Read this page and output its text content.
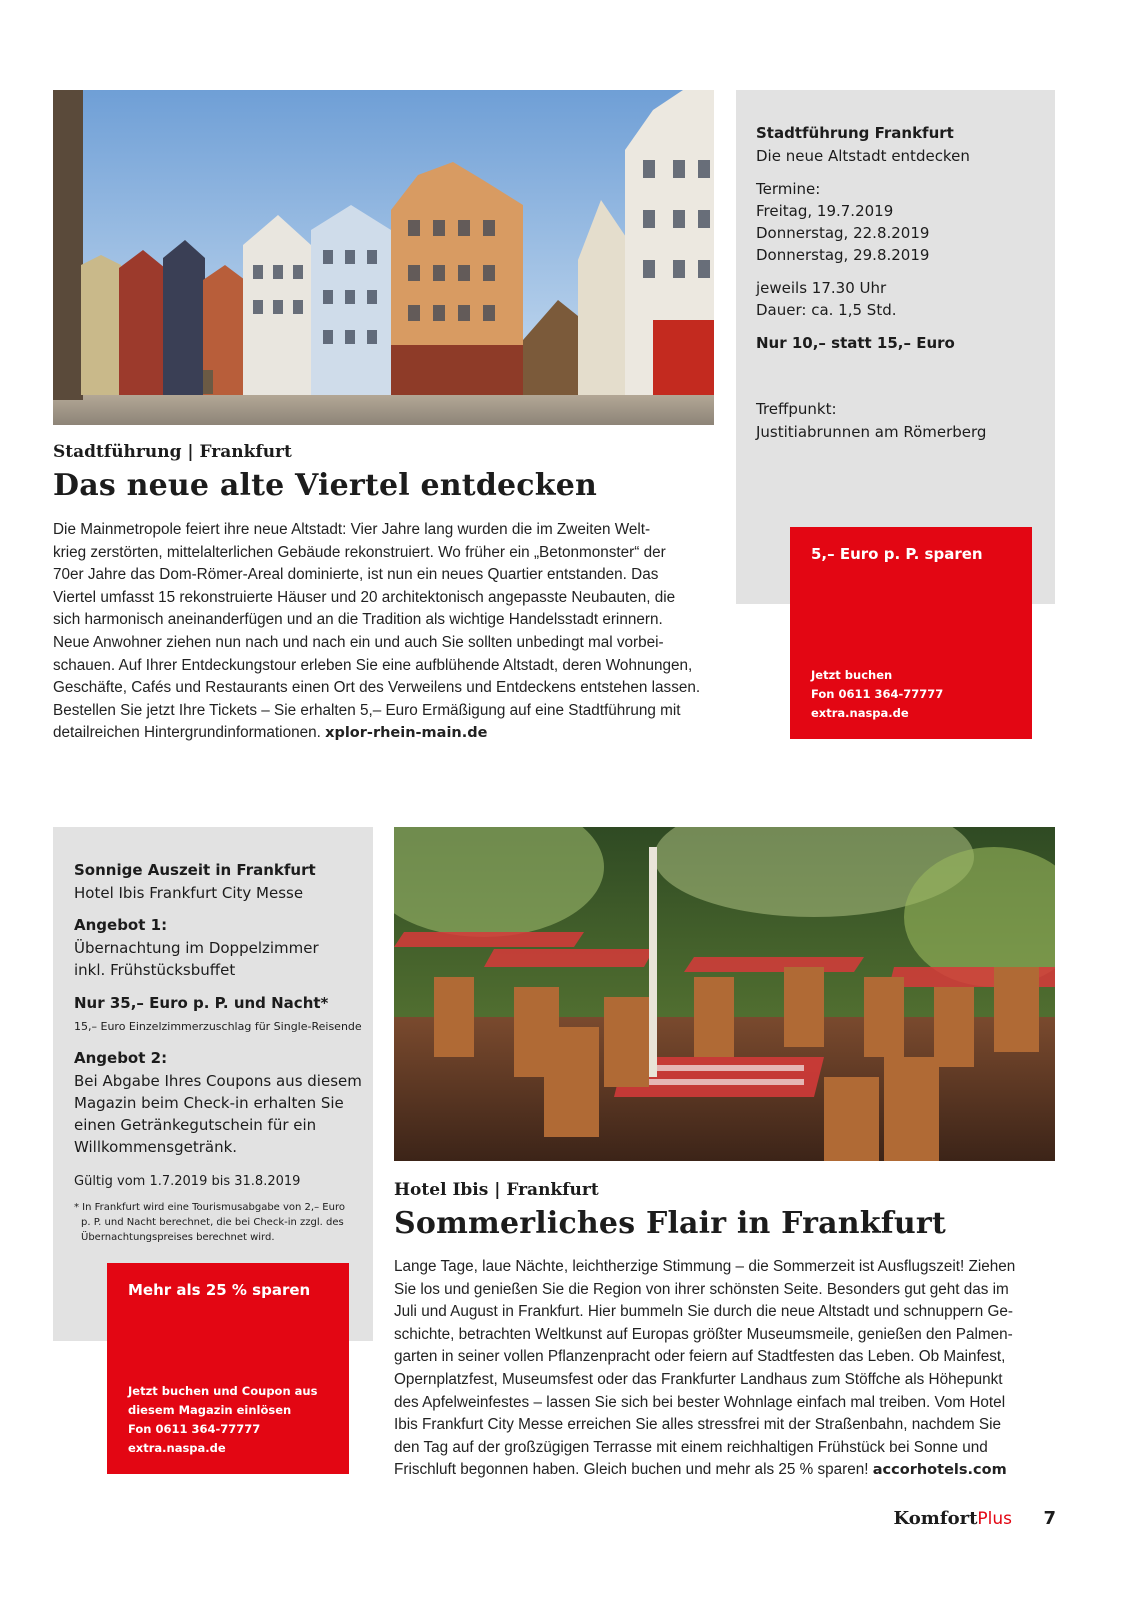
Stadtführung | Frankfurt
Das neue alte Viertel entdecken
Die Mainmetropole feiert ihre neue Altstadt: Vier Jahre lang wurden die im Zweiten Welt-
krieg zerstörten, mittelalterlichen Gebäude rekonstruiert. Wo früher ein „Betonmonster“ der
70er Jahre das Dom-Römer-Areal dominierte, ist nun ein neues Quartier entstanden. Das
Viertel umfasst 15 rekonstruierte Häuser und 20 architektonisch angepasste Neubauten, die
sich harmonisch aneinanderfügen und an die Tradition als wichtige Handelsstadt erinnern.
Neue Anwohner ziehen nun nach und nach ein und auch Sie sollten unbedingt mal vorbei-
schauen. Auf Ihrer Entdeckungstour erleben Sie eine aufblühende Altstadt, deren Wohnungen,
Geschäfte, Cafés und Restaurants einen Ort des Verweilens und Entdeckens entstehen lassen.
Bestellen Sie jetzt Ihre Tickets – Sie erhalten 5,– Euro Ermäßigung auf eine Stadtführung mit
detailreichen Hintergrundinformationen. xplor-rhein-main.de

Stadtführung Frankfurt

Die neue Altstadt entdecken

Termine:

Freitag, 19.7.2019

Donnerstag, 22.8.2019

Donnerstag, 29.8.2019

jeweils 17.30 Uhr

Dauer: ca. 1,5 Std.

Nur 10,– statt 15,– Euro

Treffpunkt:

Justitiabrunnen am Römerberg

5,– Euro p. P. sparen
Jetzt buchen
Fon 0611 364-77777
extra.naspa.de

Sonnige Auszeit in Frankfurt

Hotel Ibis Frankfurt City Messe

Angebot 1:

Übernachtung im Doppelzimmer

inkl. Frühstücksbuffet

Nur 35,– Euro p. P. und Nacht*

15,– Euro Einzelzimmerzuschlag für Single-Reisende

Angebot 2:

Bei Abgabe Ihres Coupons aus diesem

Magazin beim Check-in erhalten Sie

einen Getränkegutschein für ein

Willkommensgetränk.

Gültig vom 1.7.2019 bis 31.8.2019

* In Frankfurt wird eine Tourismusabgabe von 2,– Euro

p. P. und Nacht berechnet, die bei Check-in zzgl. des

Übernachtungspreises berechnet wird.

Mehr als 25 % sparen
Jetzt buchen und Coupon aus
diesem Magazin einlösen
Fon 0611 364-77777
extra.naspa.de
Hotel Ibis | Frankfurt
Sommerliches Flair in Frankfurt
Lange Tage, laue Nächte, leichtherzige Stimmung – die Sommerzeit ist Ausflugszeit! Ziehen
Sie los und genießen Sie die Region von ihrer schönsten Seite. Besonders gut geht das im
Juli und August in Frankfurt. Hier bummeln Sie durch die neue Altstadt und schnuppern Ge-
schichte, betrachten Weltkunst auf Europas größter Museumsmeile, genießen den Palmen-
garten in seiner vollen Pflanzenpracht oder feiern auf Stadtfesten das Leben. Ob Mainfest,
Opernplatzfest, Museumsfest oder das Frankfurter Landhaus zum Stöffche als Höhepunkt
des Apfelweinfestes – lassen Sie sich bei bester Wohnlage einfach mal treiben. Vom Hotel
Ibis Frankfurt City Messe erreichen Sie alles stressfrei mit der Straßenbahn, nachdem Sie
den Tag auf der großzügigen Terrasse mit einem reichhaltigen Frühstück bei Sonne und
Frischluft begonnen haben. Gleich buchen und mehr als 25 % sparen! accorhotels.com
KomfortPlus 7
